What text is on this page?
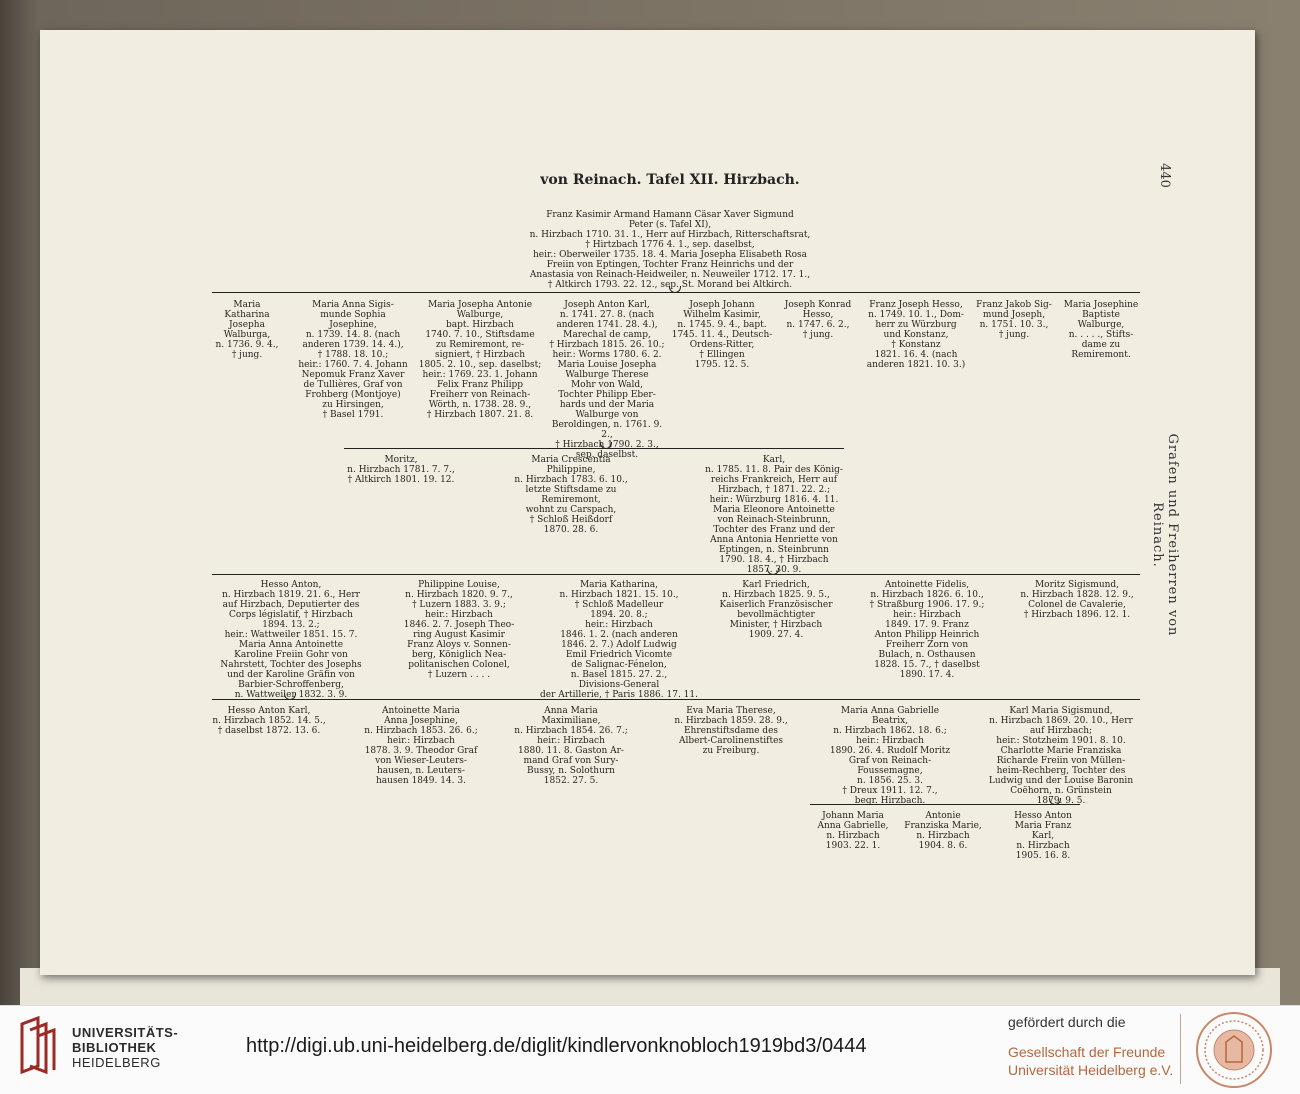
von Reinach. Tafel XII. Hirzbach.	440
Grafen und Freiherren von Reinach.
Franz Kasimir Armand Hamann Cäsar Xaver Sigmund
Peter (s. Tafel XI),
n. Hirzbach 1710. 31. 1., Herr auf Hirzbach, Ritterschaftsrat,
† Hirtzbach 1776 4. 1., sep. daselbst,
heir.: Oberweiler 1735. 18. 4. Maria Josepha Elisabeth Rosa
Freiin von Eptingen, Tochter Franz Heinrichs und der
Anastasia von Reinach-Heidweiler, n. Neuweiler 1712. 17. 1.,
† Altkirch 1793. 22. 12., sep. St. Morand bei Altkirch.
Maria
Katharina
Josepha
Walburga,
n. 1736. 9. 4.,
† jung.
Maria Anna Sigis-
munde Sophia
Josephine,
n. 1739. 14. 8. (nach
anderen 1739. 14. 4.),
† 1788. 18. 10.;
heir.: 1760. 7. 4. Johann
Nepomuk Franz Xaver
de Tullières, Graf von
Frohberg (Montjoye)
zu Hirsingen,
† Basel 1791.
Maria Josepha Antonie
Walburge,
bapt. Hirzbach
1740. 7. 10., Stiftsdame
zu Remiremont, re-
signiert, † Hirzbach
1805. 2. 10., sep. daselbst;
heir.: 1769. 23. 1. Johann
Felix Franz Philipp
Freiherr von Reinach-
Wörth, n. 1738. 28. 9.,
† Hirzbach 1807. 21. 8.
Joseph Anton Karl,
n. 1741. 27. 8. (nach
anderen 1741. 28. 4.),
Marechal de camp,
† Hirzbach 1815. 26. 10.;
heir.: Worms 1780. 6. 2.
Maria Louise Josepha
Walburge Therese
Mohr von Wald,
Tochter Philipp Eber-
hards und der Maria
Walburge von
Beroldingen, n. 1761. 9. 2.,
† Hirzbach 1790. 2. 3.,
sep. daselbst.
Joseph Johann
Wilhelm Kasimir,
n. 1745. 9. 4., bapt.
1745. 11. 4., Deutsch-
Ordens-Ritter,
† Ellingen
1795. 12. 5.
Joseph Konrad
Hesso,
n. 1747. 6. 2.,
† jung.
Franz Joseph Hesso,
n. 1749. 10. 1., Dom-
herr zu Würzburg
und Konstanz,
† Konstanz
1821. 16. 4. (nach
anderen 1821. 10. 3.)
Franz Jakob Sig-
mund Joseph,
n. 1751. 10. 3.,
† jung.
Maria Josephine
Baptiste
Walburge,
n. . . . ., Stifts-
dame zu
Remiremont.
Moritz,
n. Hirzbach 1781. 7. 7.,
† Altkirch 1801. 19. 12.
Maria Crescentia
Philippine,
n. Hirzbach 1783. 6. 10.,
letzte Stiftsdame zu
Remiremont,
wohnt zu Carspach,
† Schloß Heißdorf
1870. 28. 6.
Karl,
n. 1785. 11. 8. Pair des König-
reichs Frankreich, Herr auf
Hirzbach, † 1871. 22. 2.;
heir.: Würzburg 1816. 4. 11.
Maria Eleonore Antoinette
von Reinach-Steinbrunn,
Tochter des Franz und der
Anna Antonia Henriette von
Eptingen, n. Steinbrunn
1790. 18. 4., † Hirzbach
1857. 30. 9.
Hesso Anton,
n. Hirzbach 1819. 21. 6., Herr
auf Hirzbach, Deputierter des
Corps législatif, † Hirzbach
1894. 13. 2.;
heir.: Wattweiler 1851. 15. 7.
Maria Anna Antoinette
Karoline Freiin Gohr von
Nahrstett, Tochter des Josephs
und der Karoline Gräfin von
Barbier-Schroffenberg,
n. Wattweiler 1832. 3. 9.
Philippine Louise,
n. Hirzbach 1820. 9. 7.,
† Luzern 1883. 3. 9.;
heir.: Hirzbach
1846. 2. 7. Joseph Theo-
ring August Kasimir
Franz Aloys v. Sonnen-
berg, Königlich Nea-
politanischen Colonel,
† Luzern . . . .
Maria Katharina,
n. Hirzbach 1821. 15. 10.,
† Schloß Madelleur
1894. 20. 8.;
heir.: Hirzbach
1846. 1. 2. (nach anderen
1846. 2. 7.) Adolf Ludwig
Emil Friedrich Vicomte
de Salignac-Fénelon,
n. Basel 1815. 27. 2.,
Divisions-General
der Artillerie, † Paris 1886. 17. 11.
Karl Friedrich,
n. Hirzbach 1825. 9. 5.,
Kaiserlich Französischer
bevollmächtigter
Minister, † Hirzbach
1909. 27. 4.
Antoinette Fidelis,
n. Hirzbach 1826. 6. 10.,
† Straßburg 1906. 17. 9.;
heir.: Hirzbach
1849. 17. 9. Franz
Anton Philipp Heinrich
Freiherr Zorn von
Bulach, n. Osthausen
1828. 15. 7., † daselbst
1890. 17. 4.
Moritz Sigismund,
n. Hirzbach 1828. 12. 9.,
Colonel de Cavalerie,
† Hirzbach 1896. 12. 1.
Hesso Anton Karl,
n. Hirzbach 1852. 14. 5.,
† daselbst 1872. 13. 6.
Antoinette Maria
Anna Josephine,
n. Hirzbach 1853. 26. 6.;
heir.: Hirzbach
1878. 3. 9. Theodor Graf
von Wieser-Leuters-
hausen, n. Leuters-
hausen 1849. 14. 3.
Anna Maria
Maximiliane,
n. Hirzbach 1854. 26. 7.;
heir.: Hirzbach
1880. 11. 8. Gaston Ar-
mand Graf von Sury-
Bussy, n. Solothurn
1852. 27. 5.
Eva Maria Therese,
n. Hirzbach 1859. 28. 9.,
Ehrenstiftsdame des
Albert-Carolinenstiftes
zu Freiburg.
Maria Anna Gabrielle
Beatrix,
n. Hirzbach 1862. 18. 6.;
heir.: Hirzbach
1890. 26. 4. Rudolf Moritz
Graf von Reinach-
Foussemagne,
n. 1856. 25. 3.
† Dreux 1911. 12. 7.,
begr. Hirzbach.
Karl Maria Sigismund,
n. Hirzbach 1869. 20. 10., Herr
auf Hirzbach;
heir.: Stotzheim 1901. 8. 10.
Charlotte Marie Franziska
Richarde Freiin von Müllen-
heim-Rechberg, Tochter des
Ludwig und der Louise Baronin
Coëhorn, n. Grünstein
1879. 9. 5.
Johann Maria
Anna Gabrielle,
n. Hirzbach
1903. 22. 1.
Antonie
Franziska Marie,
n. Hirzbach
1904. 8. 6.
Hesso Anton
Maria Franz
Karl,
n. Hirzbach
1905. 16. 8.
UNIVERSITÄTS-
BIBLIOTHEK
HEIDELBERG
http://digi.ub.uni-heidelberg.de/diglit/kindlervonknobloch1919bd3/0444
gefördert durch die
Gesellschaft der Freunde
Universität Heidelberg e.V.
